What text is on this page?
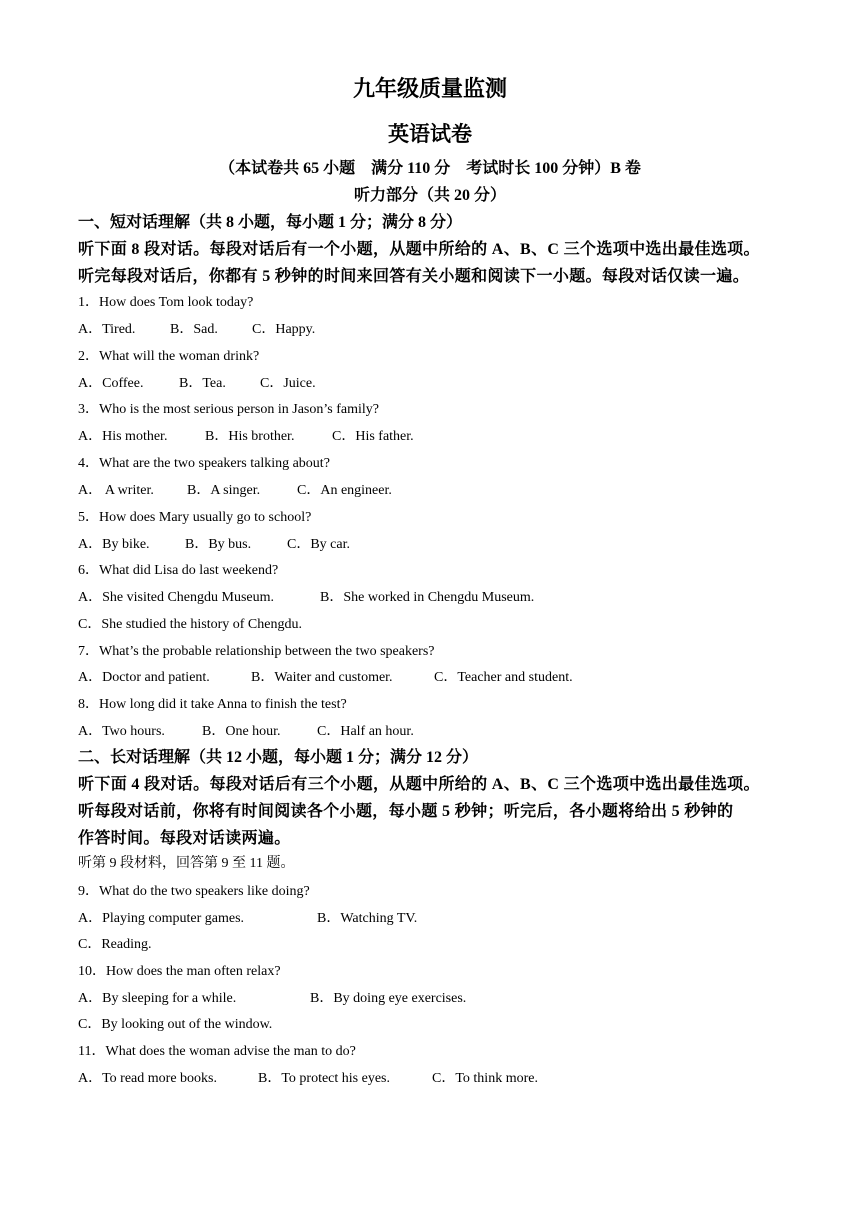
九年级质量监测
英语试卷
（本试卷共 65 小题　满分 110 分　考试时长 100 分钟）B 卷
听力部分（共 20 分）
一、短对话理解（共 8 小题，每小题 1 分；满分 8 分）
听下面 8 段对话。每段对话后有一个小题，从题中所给的 A、B、C 三个选项中选出最佳选项。
听完每段对话后，你都有 5 秒钟的时间来回答有关小题和阅读下一小题。每段对话仅读一遍。
1．How does Tom look today?
A．Tired. B．Sad. C．Happy.
2．What will the woman drink?
A．Coffee.	B．Tea. C．Juice.
3．Who is the most serious person in Jason’s family?
A．His mother.	B．His brother.	C．His father.
4．What are the two speakers talking about?
A． A writer. B．A singer.	C．An engineer.
5．How does Mary usually go to school?
A．By bike.	B．By bus.	C．By car.
6．What did Lisa do last weekend?
A．She visited Chengdu Museum.	B．She worked in Chengdu Museum.
C．She studied the history of Chengdu.
7．What’s the probable relationship between the two speakers?
A．Doctor and patient.	B．Waiter and customer.	C．Teacher and student.
8．How long did it take Anna to finish the test?
A．Two hours.	B．One hour.	C．Half an hour.
二、长对话理解（共 12 小题，每小题 1 分；满分 12 分）
听下面 4 段对话。每段对话后有三个小题，从题中所给的 A、B、C 三个选项中选出最佳选项。
听每段对话前，你将有时间阅读各个小题，每小题 5 秒钟；听完后，各小题将给出 5 秒钟的
作答时间。每段对话读两遍。
听第 9 段材料，回答第 9 至 11 题。
9．What do the two speakers like doing?
A．Playing computer games.	B．Watching TV.
C．Reading.
10．How does the man often relax?
A．By sleeping for a while.	B．By doing eye exercises.
C．By looking out of the window.
11．What does the woman advise the man to do?
A．To read more books.	B．To protect his eyes.	C．To think more.
